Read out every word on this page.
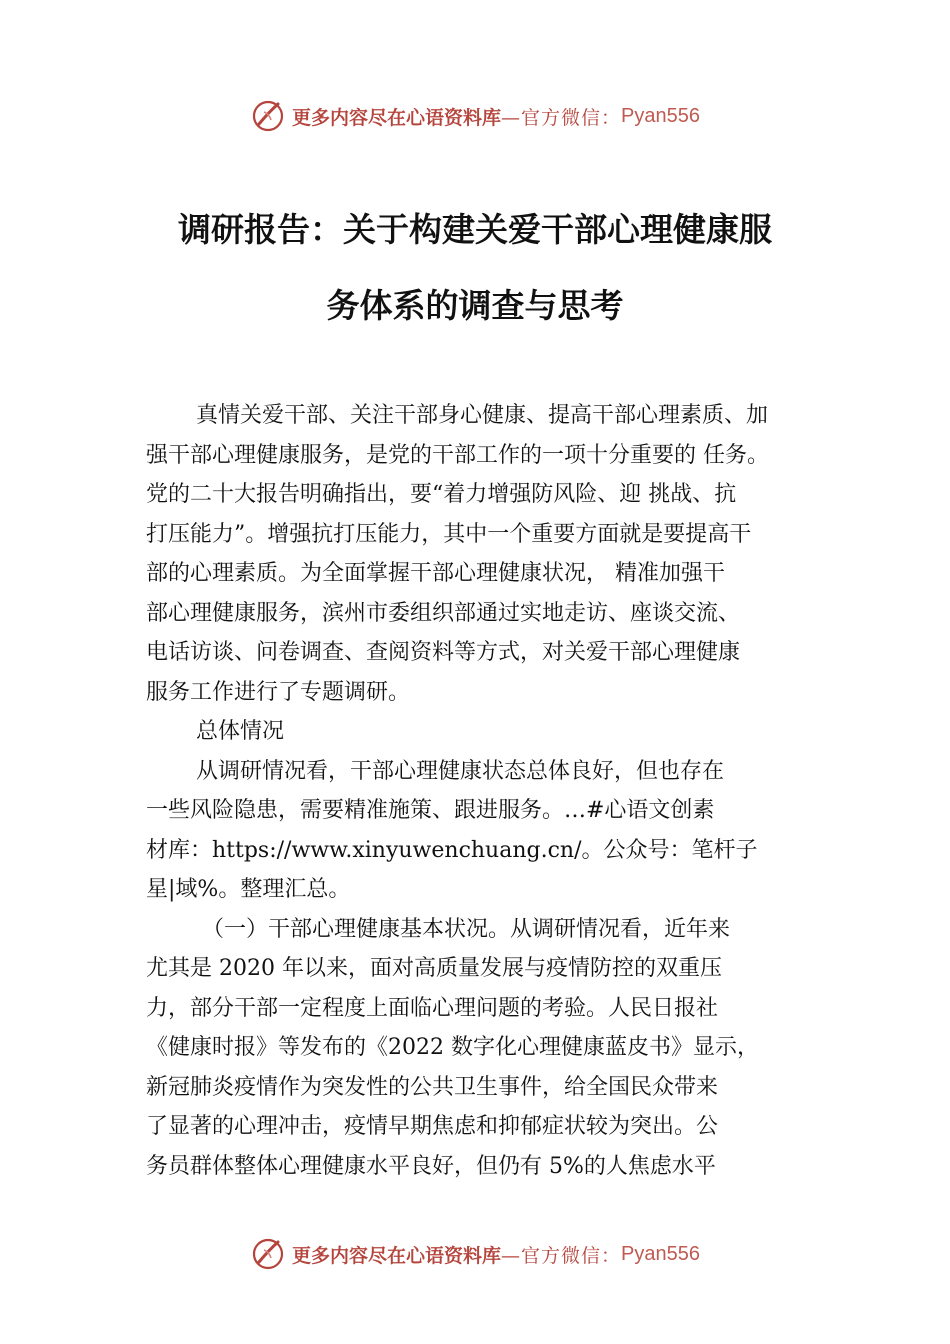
更多内容尽在心语资料库 —官方微信： Pyan556
调研报告：关于构建关爱干部心理健康服
务体系的调查与思考
真情关爱干部、关注干部身心健康、提高干部心理素质、加
强干部心理健康服务，是党的干部工作的一项十分重要的 任务。
党的二十大报告明确指出，要“着力增强防风险、迎 挑战、抗
打压能力”。增强抗打压能力，其中一个重要方面就是要提高干
部的心理素质。为全面掌握干部心理健康状况， 精准加强干
部心理健康服务，滨州市委组织部通过实地走访、座谈交流、
电话访谈、问卷调查、查阅资料等方式，对关爱干部心理健康
服务工作进行了专题调研。
总体情况
从调研情况看，干部心理健康状态总体良好，但也存在
一些风险隐患，需要精准施策、跟进服务。…#心语文创素
材库：https://www.xinyuwenchuang.cn/。公众号：笔杆子
星|域%。整理汇总。
（一）干部心理健康基本状况。从调研情况看，近年来
尤其是 2020 年以来，面对高质量发展与疫情防控的双重压
力，部分干部一定程度上面临心理问题的考验。人民日报社
《健康时报》等发布的《2022 数字化心理健康蓝皮书》显示，
新冠肺炎疫情作为突发性的公共卫生事件，给全国民众带来
了显著的心理冲击，疫情早期焦虑和抑郁症状较为突出。公
务员群体整体心理健康水平良好，但仍有 5%的人焦虑水平
更多内容尽在心语资料库 —官方微信： Pyan556
